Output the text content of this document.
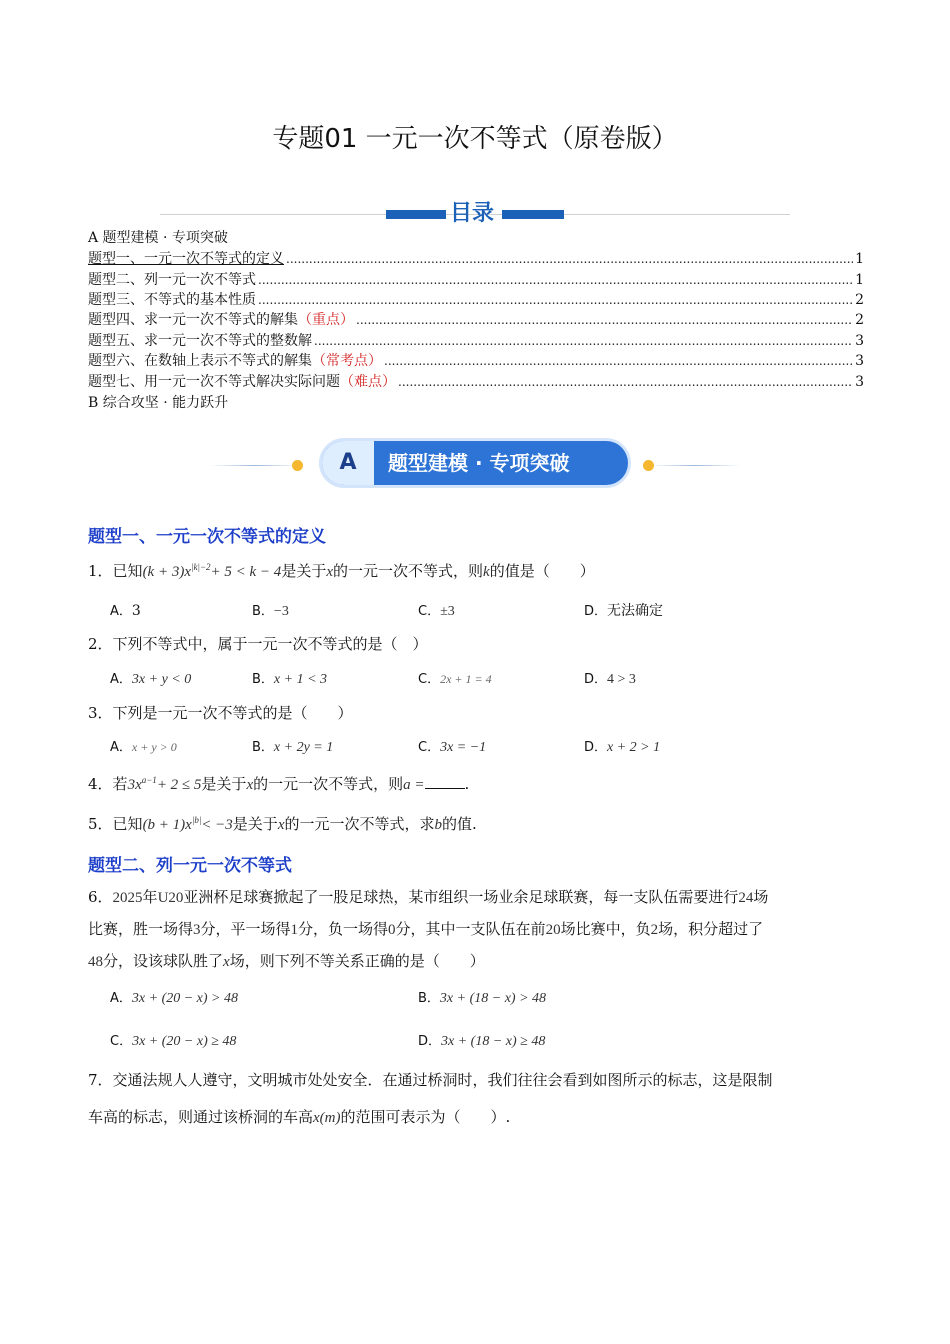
专题01 一元一次不等式（原卷版）
目录
A 题型建模 · 专项突破
题型一、一元一次不等式的定义 .....	1
题型二、列一元一次不等式 .....	1
题型三、不等式的基本性质 .....	2
题型四、求一元一次不等式的解集 （重点） .....	2
题型五、求一元一次不等式的整数解 .....	3
题型六、在数轴上表示不等式的解集 （常考点） .....	3
题型七、用一元一次不等式解决实际问题 （难点） .....	3
B 综合攻坚 · 能力跃升
A	题型建模 · 专项突破
题型一、一元一次不等式的定义
1．已知$(k + 3)x^{|k|-2}+ 5 < k - 4$是关于x的一元一次不等式，则k的值是（　　）
A．3	B．−3	C．±3	D．无法确定
2．下列不等式中，属于一元一次不等式的是（　）
A．3x + y < 0	B．x + 1 < 3	C．2x + 1 = 4	D．4 > 3
3．下列是一元一次不等式的是（　　）
A．x + y > 0	B．x + 2y = 1	C．3x = −1	D．x + 2 > 1
4．若$3x^{a-1}+ 2 \le 5$是关于x的一元一次不等式，则a =	.
5．已知$(b + 1)x^{|b|}< -3$是关于x的一元一次不等式，求b的值.
题型二、列一元一次不等式
6．2025年U20亚洲杯足球赛掀起了一股足球热，某市组织一场业余足球联赛，每一支队伍需要进行24场
比赛，胜一场得3分，平一场得1分，负一场得0分，其中一支队伍在前20场比赛中，负2场，积分超过了
48分，设该球队胜了x场，则下列不等关系正确的是（　　）
A．3x + (20 − x) > 48	B．3x + (18 − x) > 48
C．3x + (20 − x) ≥ 48	D．3x + (18 − x) ≥ 48
7．交通法规人人遵守，文明城市处处安全．在通过桥洞时，我们往往会看到如图所示的标志，这是限制
车高的标志，则通过该桥洞的车高x(m)的范围可表示为（　　）.
